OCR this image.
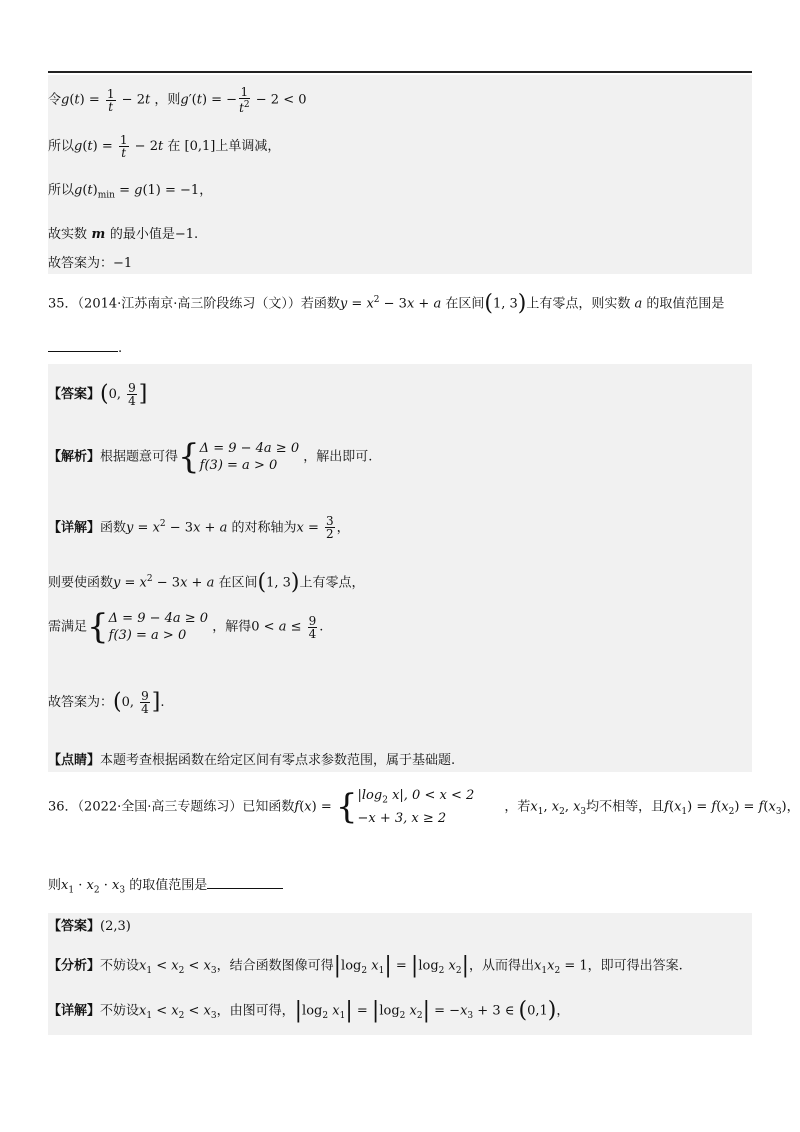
令$g(t) = \frac{1}{t} - 2t$ ，则g′(t) = − $\frac{1}{t^2} - 2 < 0$
所以$g(t) = \frac{1}{t} - 2t$ 在 [0,1]上单调减，
所以$g(t)_{min} = g(1) = -1$，
故实数 m 的最小值是−1.
故答案为：−1
35．（2014·江苏南京·高三阶段练习（文））若函数$y = x^2 - 3x + a$ 在区间(1, 3)上有零点，则实数 a 的取值范围是
.
【答案】(0, $\frac{9}{4}$ ]
【解析】根据题意可得{Δ = 9 − 4a ≥ 0
f(3) = a > 0 ，解出即可.
【详解】函数$y = x^2 - 3x + a$ 的对称轴为$x = \frac{3}{2}$ ，
则要使函数$y = x^2 - 3x + a$ 在区间(1, 3)上有零点，
需满足{Δ = 9 − 4a ≥ 0
f(3) = a > 0 ，解得$0 < a \le \frac{9}{4}$ .
故答案为：(0, $\frac{9}{4}$ ].
【点睛】本题考查根据函数在给定区间有零点求参数范围，属于基础题.
36．（2022·全国·高三专题练习）已知函数$f(x) = \{|\log_2$ x|, 0 < x < 2
−x + 3, x ≥ 2 ，若$x_1$, $x_2$, $x_3$均不相等，且$f(x_1) = f(x_2) = f(x_3)$，
则$x_1 \cdot x_2 \cdot x_3$ 的取值范围是
【答案】(2,3)
【分析】不妨设$x_1 < x_2 < x_3$，结合函数图像可得$|\log_2$ $x_1| = |\log_2$ $x_2|$，从而得出$x_1x_2 = 1$，即可得出答案.
【详解】不妨设$x_1 < x_2 < x_3$，由图可得，$|\log_2$ $x_1| = |\log_2$ $x_2| = -x_3 + 3$ ∈ (0,1)，
